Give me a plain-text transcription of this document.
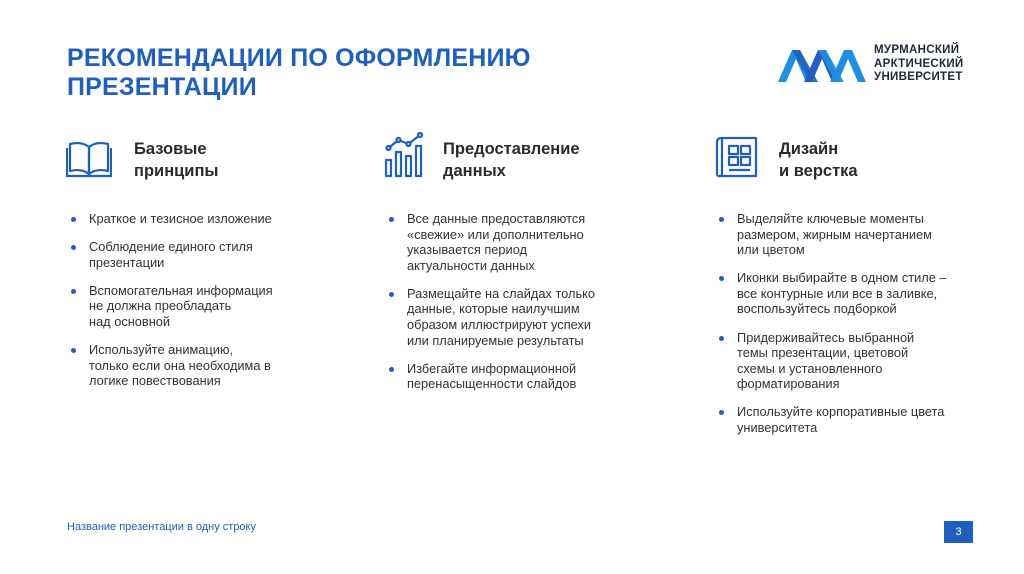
РЕКОМЕНДАЦИИ ПО ОФОРМЛЕНИЮ
ПРЕЗЕНТАЦИИ
МУРМАНСКИЙ
АРКТИЧЕСКИЙ
УНИВЕРСИТЕТ
Базовые
принципы
Краткое и тезисное изложение
Соблюдение единого стиля
презентации
Вспомогательная информация
не должна преобладать
над основной
Используйте анимацию,
только если она необходима в
логике повествования
Предоставление
данных
Все данные предоставляются
«свежие» или дополнительно
указывается период
актуальности данных
Размещайте на слайдах только
данные, которые наилучшим
образом иллюстрируют успехи
или планируемые результаты
Избегайте информационной
перенасыщенности слайдов
Дизайн
и верстка
Выделяйте ключевые моменты
размером, жирным начертанием
или цветом
Иконки выбирайте в одном стиле –
все контурные или все в заливке,
воспользуйтесь подборкой
Придерживайтесь выбранной
темы презентации, цветовой
схемы и установленного
форматирования
Используйте корпоративные цвета
университета
Название презентации в одну строку	3
